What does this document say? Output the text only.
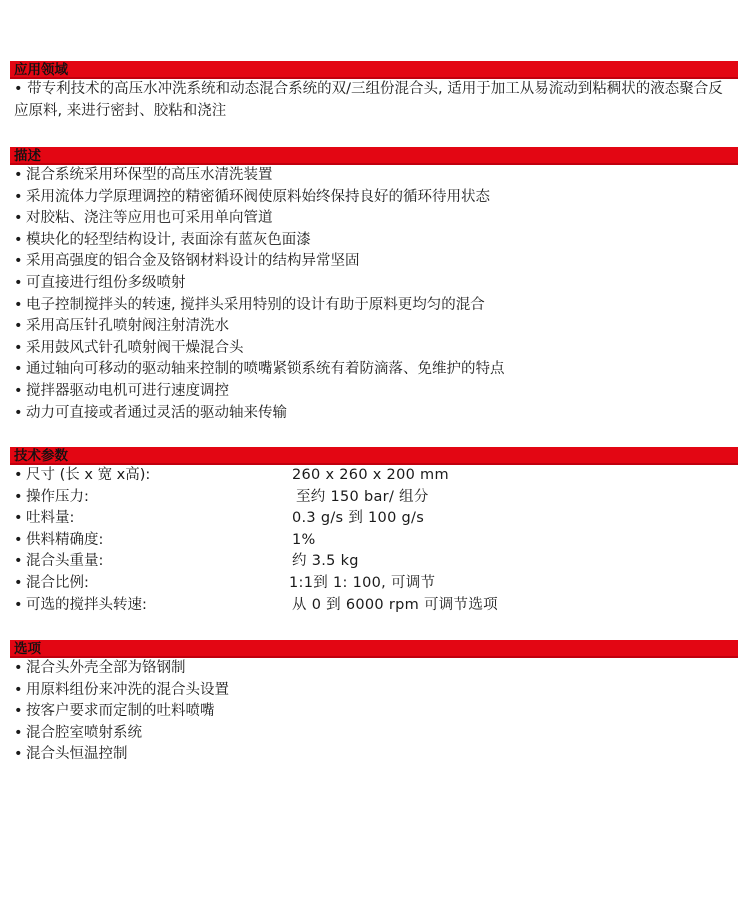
应用领域
• 带专利技术的高压水冲洗系统和动态混合系统的双/三组份混合头, 适用于加工从易流动到粘稠状的液态聚合反应原料, 来进行密封、胶粘和浇注
描述
• 混合系统采用环保型的高压水清洗装置
• 采用流体力学原理调控的精密循环阀使原料始终保持良好的循环待用状态
• 对胶粘、浇注等应用也可采用单向管道
• 模块化的轻型结构设计, 表面涂有蓝灰色面漆
• 采用高强度的铝合金及铬钢材料设计的结构异常坚固
• 可直接进行组份多级喷射
• 电子控制搅拌头的转速, 搅拌头采用特别的设计有助于原料更均匀的混合
• 采用高压针孔喷射阀注射清洗水
• 采用鼓风式针孔喷射阀干燥混合头
• 通过轴向可移动的驱动轴来控制的喷嘴紧锁系统有着防滴落、免维护的特点
• 搅拌器驱动电机可进行速度调控
• 动力可直接或者通过灵活的驱动轴来传输
技术参数
• 尺寸 (长 x 宽 x高):	260 x 260 x 200 mm
• 操作压力:	至约 150 bar/ 组分
• 吐料量:	0.3 g/s 到 100 g/s
• 供料精确度:	1%
• 混合头重量:	约 3.5 kg
• 混合比例:	1:1到 1: 100, 可调节
• 可选的搅拌头转速:	从 0 到 6000 rpm 可调节选项
选项
• 混合头外壳全部为铬钢制
• 用原料组份来冲洗的混合头设置
• 按客户要求而定制的吐料喷嘴
• 混合腔室喷射系统
• 混合头恒温控制
